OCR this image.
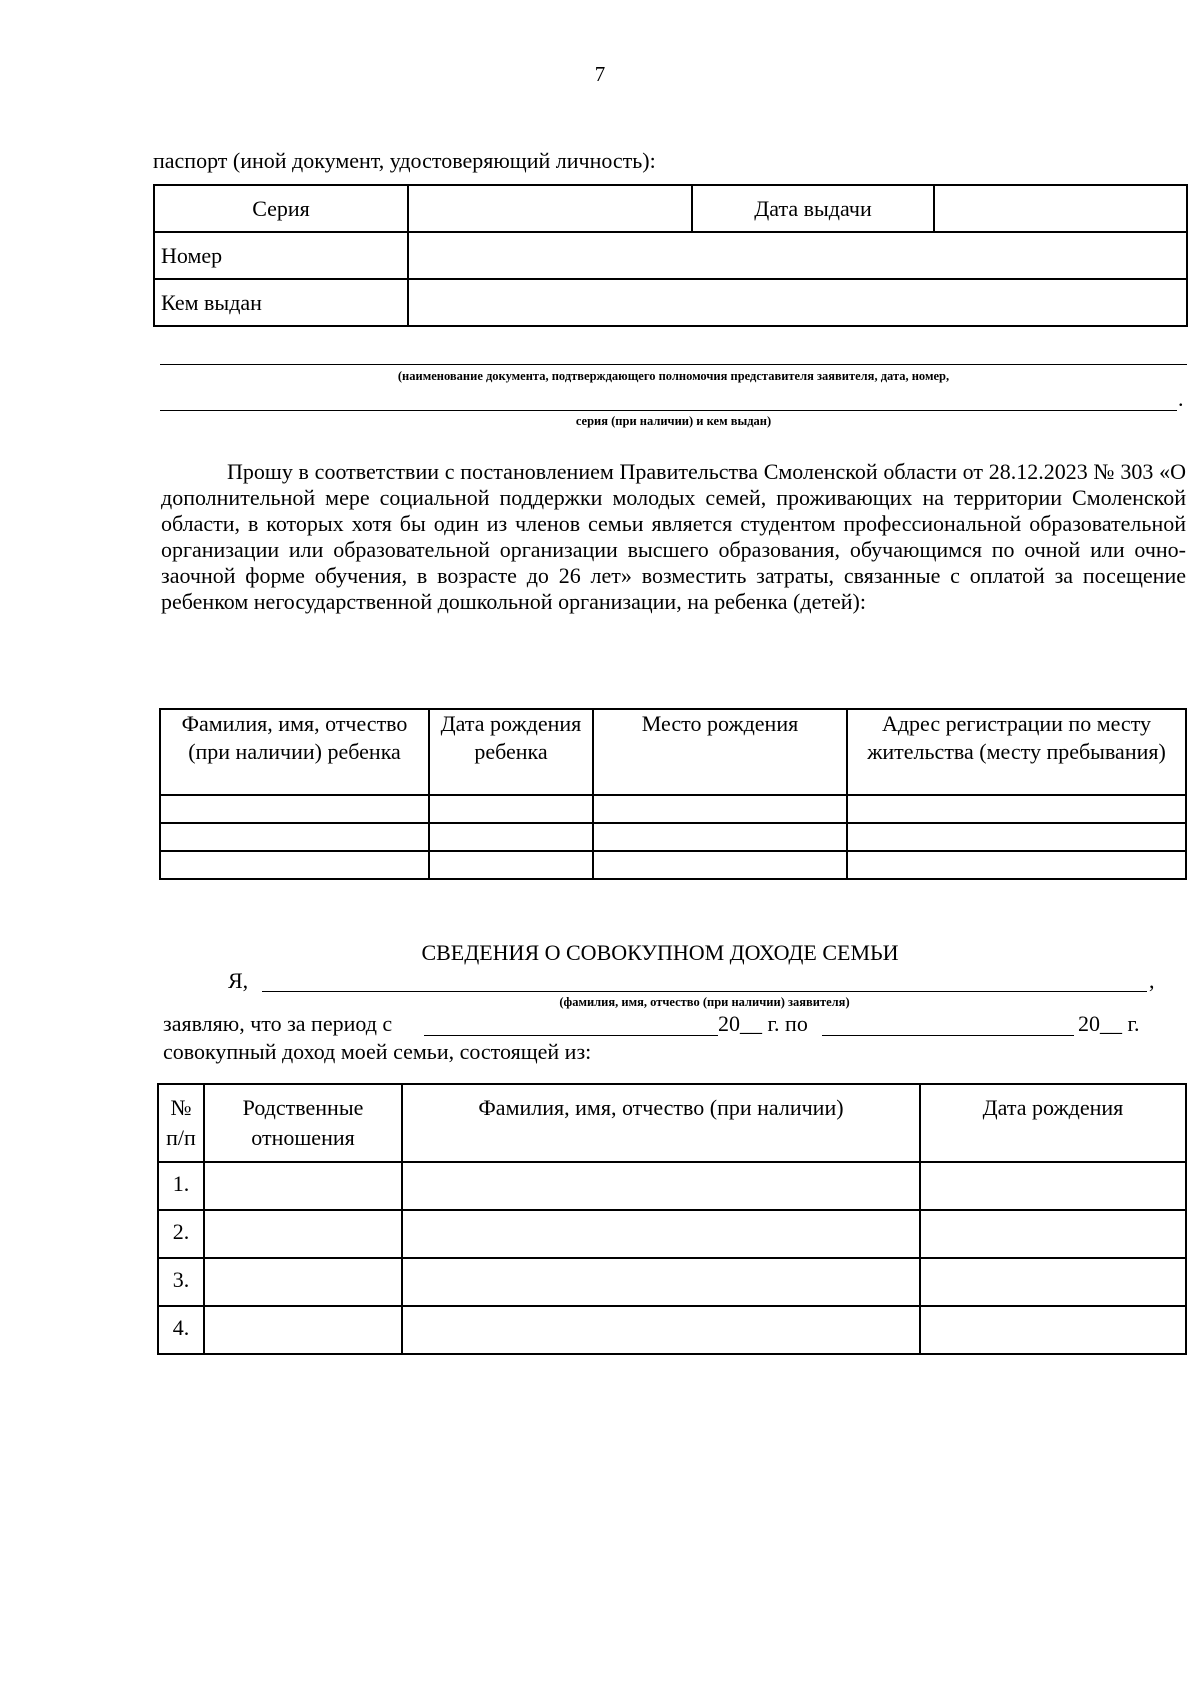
7
паспорт (иной документ, удостоверяющий личность):
Серия		Дата выдачи	
Номер			
Кем выдан			
(наименование документа, подтверждающего полномочия представителя заявителя, дата, номер,
.
серия (при наличии) и кем выдан)
Прошу в соответствии с постановлением Правительства Смоленской области от 28.12.2023 № 303 «О дополнительной мере социальной поддержки молодых семей, проживающих на территории Смоленской области, в которых хотя бы один из членов семьи является студентом профессиональной образовательной организации или образовательной организации высшего образования, обучающимся по очной или очно-заочной форме обучения, в возрасте до 26 лет» возместить затраты, связанные с оплатой за посещение ребенком негосударственной дошкольной организации, на ребенка (детей):
Фамилия, имя, отчество (при наличии) ребенка	Дата рождения ребенка	Место рождения	Адрес регистрации по месту жительства (месту пребывания)

СВЕДЕНИЯ О СОВОКУПНОМ ДОХОДЕ СЕМЬИ
Я,	,
(фамилия, имя, отчество (при наличии) заявителя)
заявляю, что за период с	20__ г. по	20__ г.
совокупный доход моей семьи, состоящей из:
№ п/п	Родственные отношения	Фамилия, имя, отчество (при наличии)	Дата рождения
1.			
2.			
3.			
4.			
